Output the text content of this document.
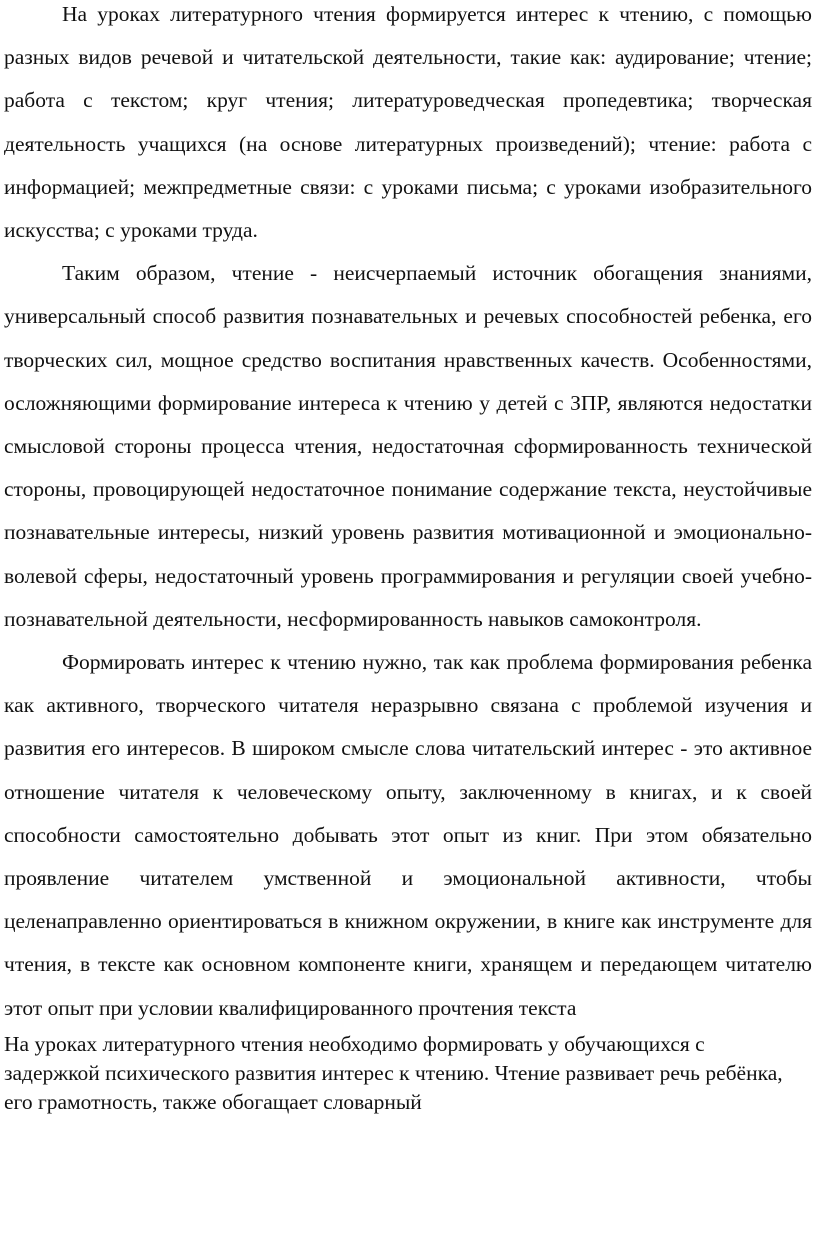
На уроках литературного чтения формируется интерес к чтению, с помощью разных видов речевой и читательской деятельности, такие как: аудирование; чтение; работа с текстом; круг чтения; литературоведческая пропедевтика; творческая деятельность учащихся (на основе литературных произведений); чтение: работа с информацией; межпредметные связи: с уроками письма; с уроками изобразительного искусства; с уроками труда.

Таким образом, чтение - неисчерпаемый источник обогащения знаниями, универсальный способ развития познавательных и речевых способностей ребенка, его творческих сил, мощное средство воспитания нравственных качеств. Особенностями, осложняющими формирование интереса к чтению у детей с ЗПР, являются недостатки смысловой стороны процесса чтения, недостаточная сформированность технической стороны, провоцирующей недостаточное понимание содержание текста, неустойчивые познавательные интересы, низкий уровень развития мотивационной и эмоционально-волевой сферы, недостаточный уровень программирования и регуляции своей учебно-познавательной деятельности, несформированность навыков самоконтроля.

Формировать интерес к чтению нужно, так как проблема формирования ребенка как активного, творческого читателя неразрывно связана с проблемой изучения и развития его интересов. В широком смысле слова читательский интерес - это активное отношение читателя к человеческому опыту, заключенному в книгах, и к своей способности самостоятельно добывать этот опыт из книг. При этом обязательно проявление читателем умственной и эмоциональной активности, чтобы целенаправленно ориентироваться в книжном окружении, в книге как инструменте для чтения, в тексте как основном компоненте книги, хранящем и передающем читателю этот опыт при условии квалифицированного прочтения текста

На уроках литературного чтения необходимо формировать у обучающихся с задержкой психического развития интерес к чтению. Чтение развивает речь ребёнка, его грамотность, также обогащает словарный
